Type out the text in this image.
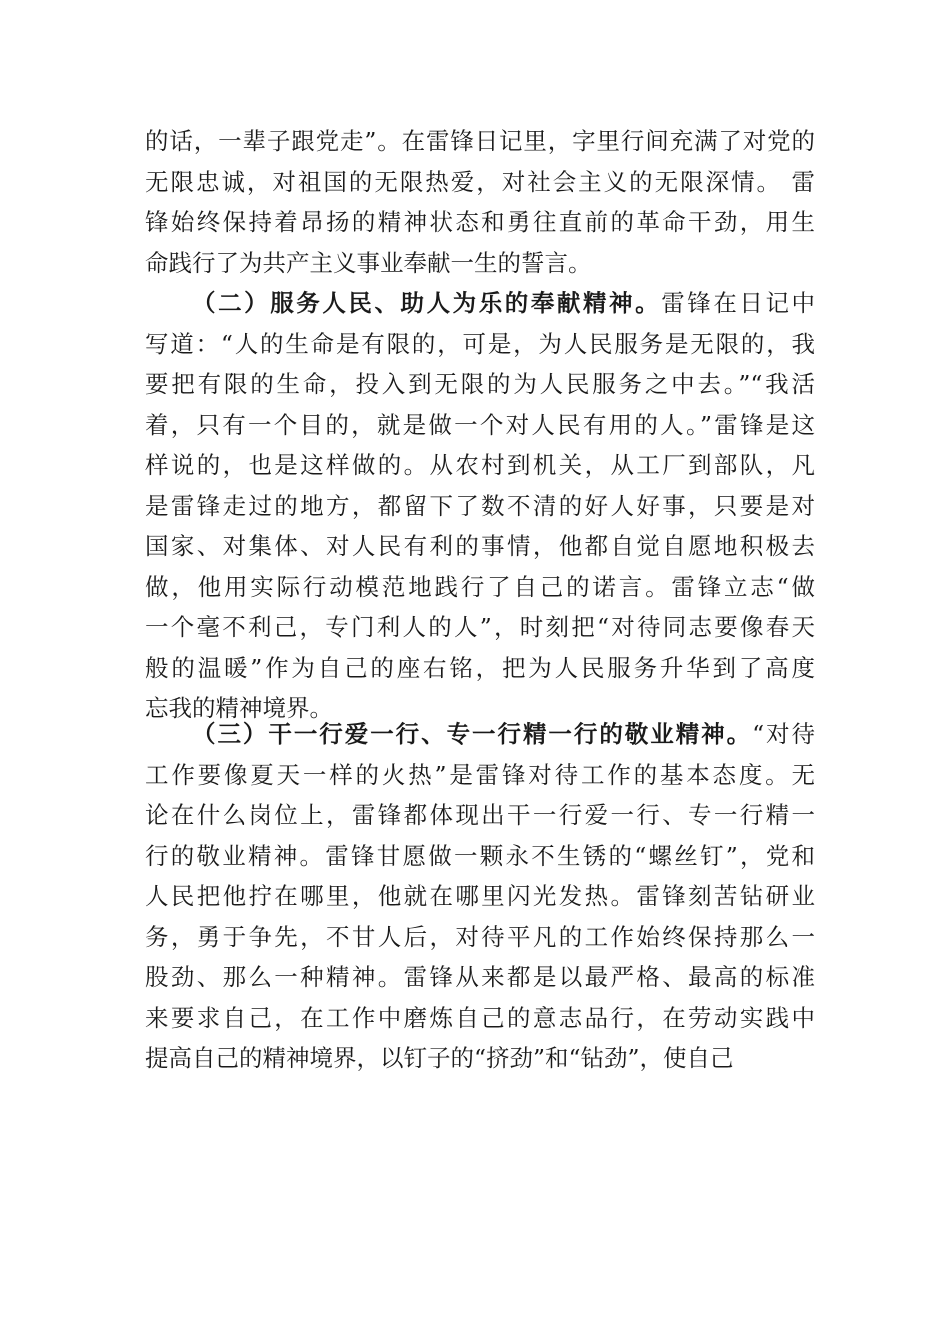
的话，一辈子跟党走”。在雷锋日记里，字里行间充满了对党的
无限忠诚，对祖国的无限热爱，对社会主义的无限深情。 雷
锋始终保持着昂扬的精神状态和勇往直前的革命干劲，用生
命践行了为共产主义事业奉献一生的誓言。
（二）服务人民、助人为乐的奉献精神。雷锋在日记中
写道：“人的生命是有限的，可是，为人民服务是无限的，我
要把有限的生命，投入到无限的为人民服务之中去。”“我活
着，只有一个目的，就是做一个对人民有用的人。”雷锋是这
样说的，也是这样做的。从农村到机关，从工厂到部队，凡
是雷锋走过的地方，都留下了数不清的好人好事，只要是对
国家、对集体、对人民有利的事情，他都自觉自愿地积极去
做，他用实际行动模范地践行了自己的诺言。雷锋立志“做
一个毫不利己，专门利人的人”，时刻把“对待同志要像春天
般的温暖”作为自己的座右铭，把为人民服务升华到了高度
忘我的精神境界。
（三）干一行爱一行、专一行精一行的敬业精神。“对待
工作要像夏天一样的火热”是雷锋对待工作的基本态度。无
论在什么岗位上，雷锋都体现出干一行爱一行、专一行精一
行的敬业精神。雷锋甘愿做一颗永不生锈的“螺丝钉”，党和
人民把他拧在哪里，他就在哪里闪光发热。雷锋刻苦钻研业
务，勇于争先，不甘人后，对待平凡的工作始终保持那么一
股劲、那么一种精神。雷锋从来都是以最严格、最高的标准
来要求自己，在工作中磨炼自己的意志品行，在劳动实践中
提高自己的精神境界，以钉子的“挤劲”和“钻劲”，使自己
